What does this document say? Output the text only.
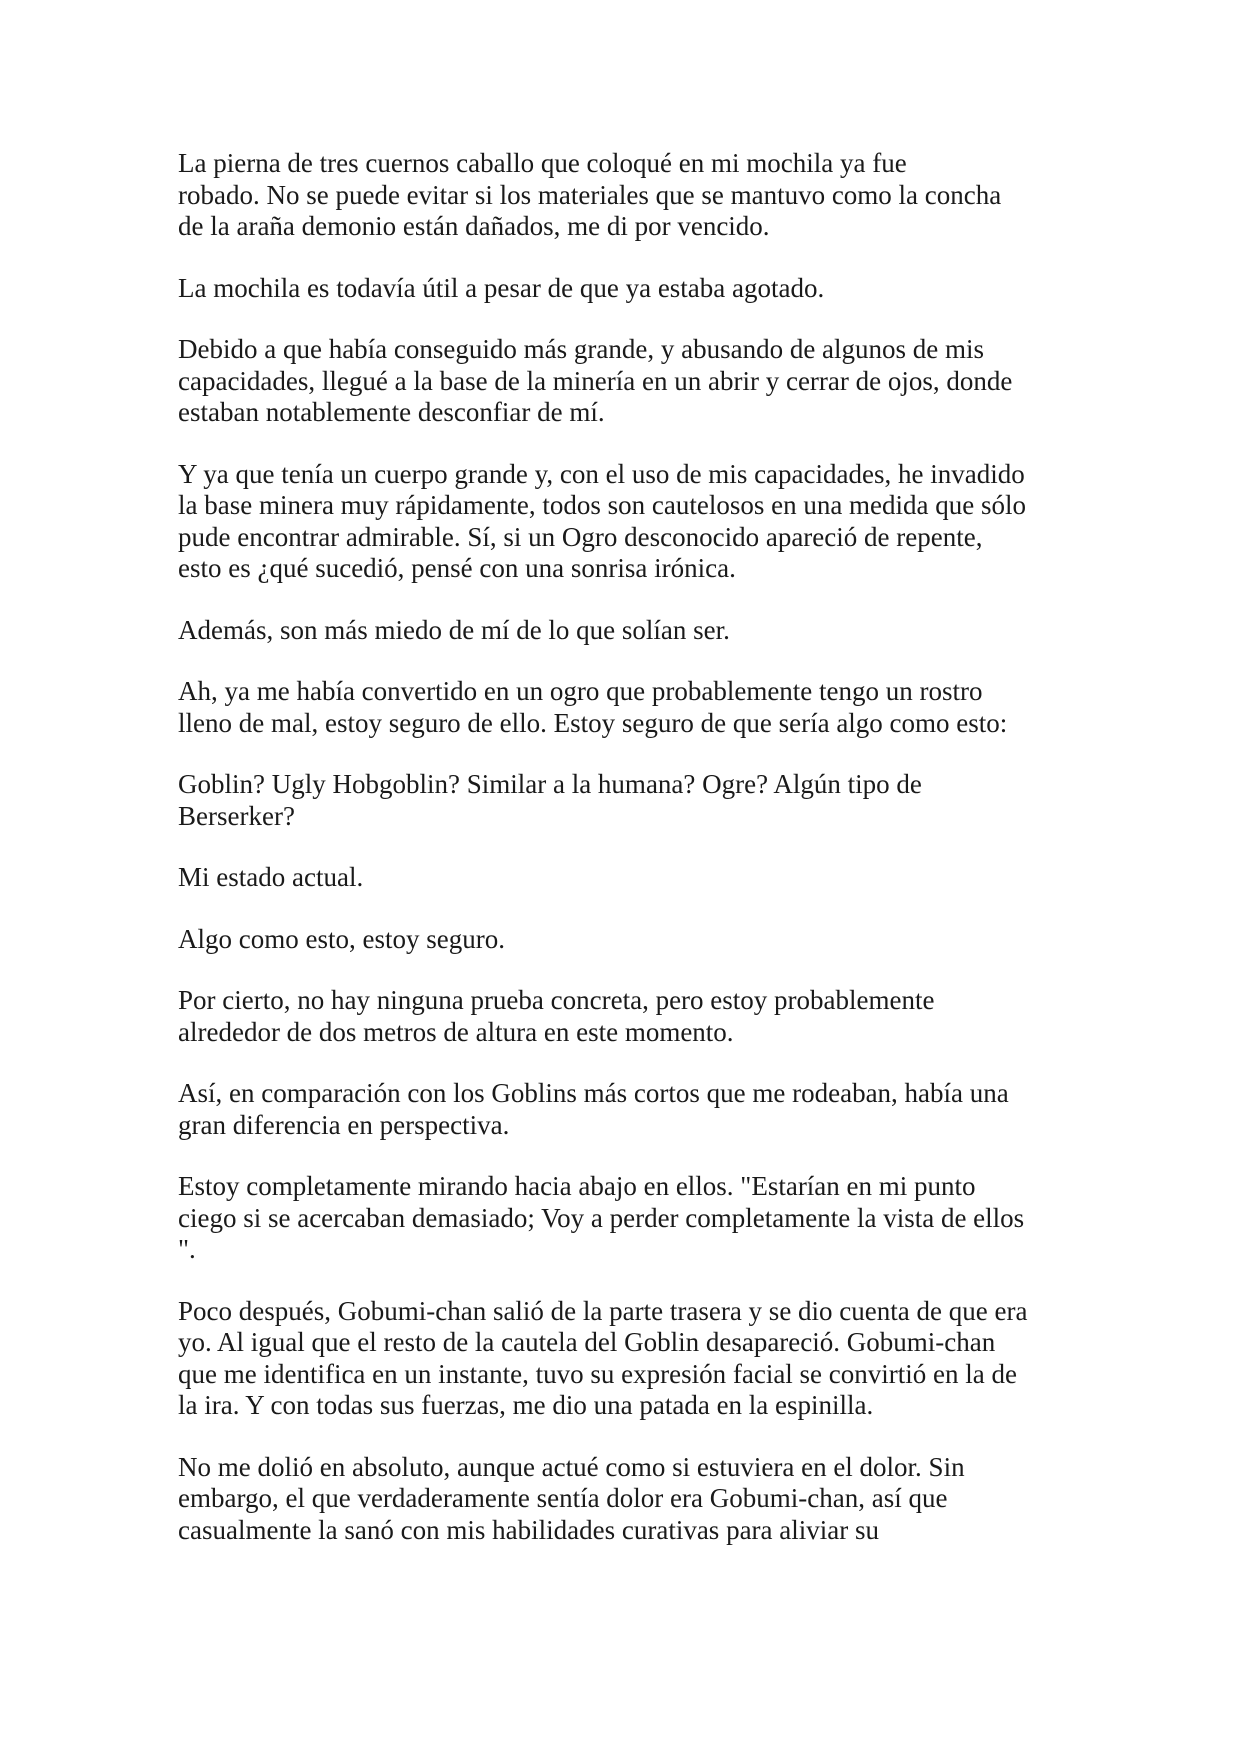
La pierna de tres cuernos caballo que coloqué en mi mochila ya fue
robado. No se puede evitar si los materiales que se mantuvo como la concha
de la araña demonio están dañados, me di por vencido.

La mochila es todavía útil a pesar de que ya estaba agotado.

Debido a que había conseguido más grande, y abusando de algunos de mis
capacidades, llegué a la base de la minería en un abrir y cerrar de ojos, donde
estaban notablemente desconfiar de mí.

Y ya que tenía un cuerpo grande y, con el uso de mis capacidades, he invadido
la base minera muy rápidamente, todos son cautelosos en una medida que sólo
pude encontrar admirable. Sí, si un Ogro desconocido apareció de repente,
esto es ¿qué sucedió, pensé con una sonrisa irónica.

Además, son más miedo de mí de lo que solían ser.

Ah, ya me había convertido en un ogro que probablemente tengo un rostro
lleno de mal, estoy seguro de ello. Estoy seguro de que sería algo como esto:

Goblin? Ugly Hobgoblin? Similar a la humana? Ogre? Algún tipo de
Berserker?

Mi estado actual.

Algo como esto, estoy seguro.

Por cierto, no hay ninguna prueba concreta, pero estoy probablemente
alrededor de dos metros de altura en este momento.

Así, en comparación con los Goblins más cortos que me rodeaban, había una
gran diferencia en perspectiva.

Estoy completamente mirando hacia abajo en ellos. "Estarían en mi punto
ciego si se acercaban demasiado; Voy a perder completamente la vista de ellos
".

Poco después, Gobumi-chan salió de la parte trasera y se dio cuenta de que era
yo. Al igual que el resto de la cautela del Goblin desapareció. Gobumi-chan
que me identifica en un instante, tuvo su expresión facial se convirtió en la de
la ira. Y con todas sus fuerzas, me dio una patada en la espinilla.

No me dolió en absoluto, aunque actué como si estuviera en el dolor. Sin
embargo, el que verdaderamente sentía dolor era Gobumi-chan, así que
casualmente la sanó con mis habilidades curativas para aliviar su
